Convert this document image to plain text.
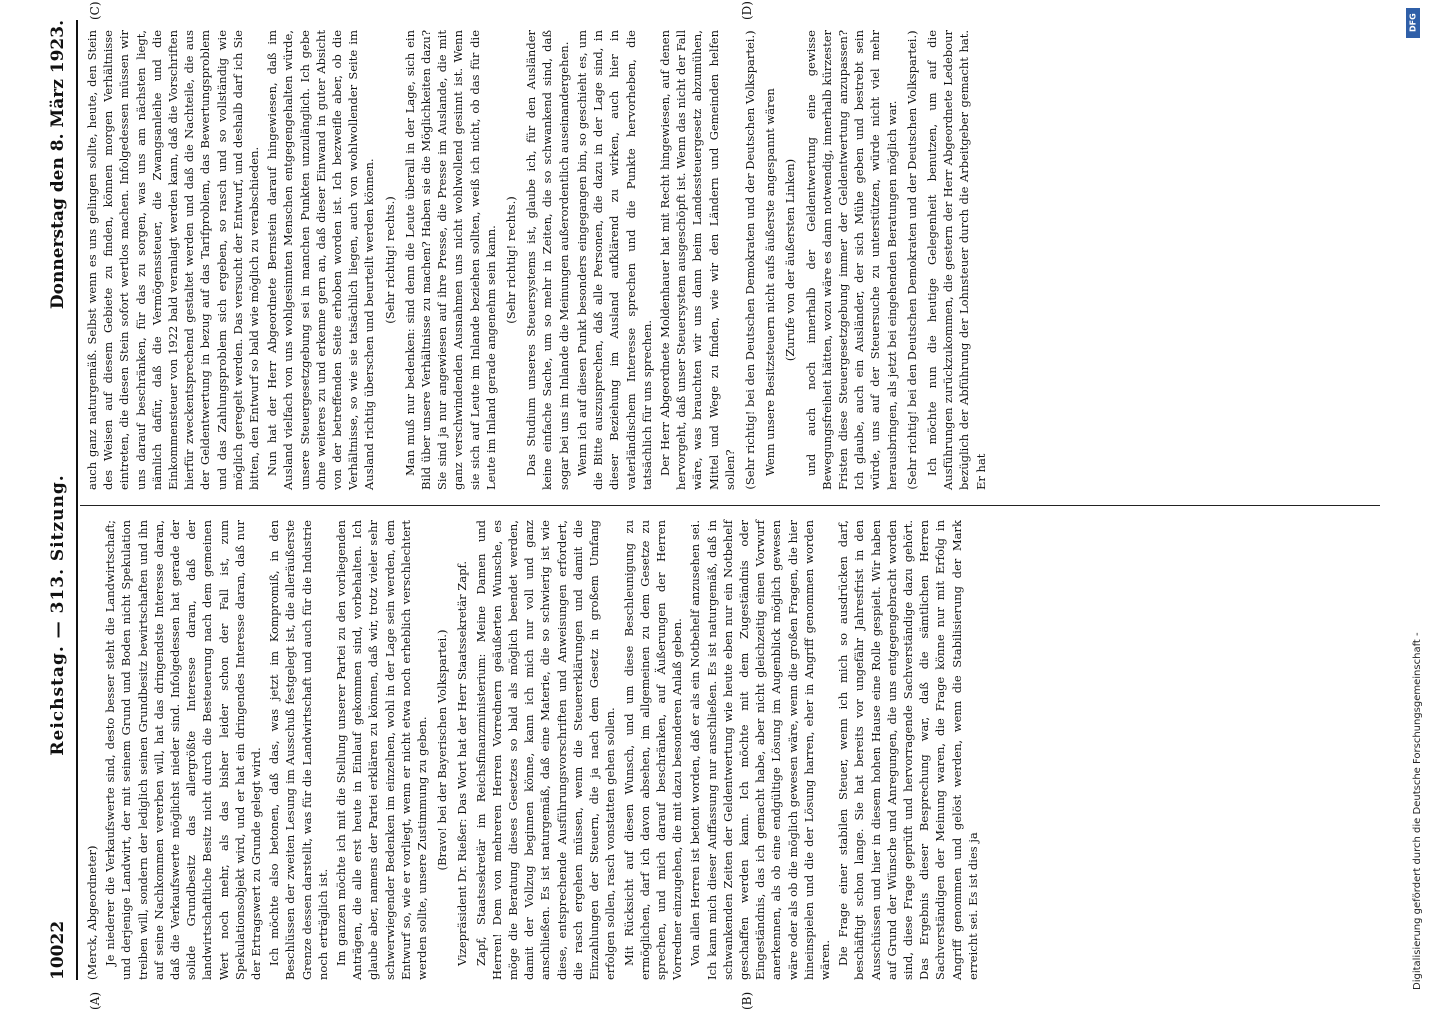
10022
Reichstag. — 313. Sitzung.
Donnerstag den 8. März 1923.

(Merck, Abgeordneter) Je niederer die Verkaufswerte sind, desto besser steht die Landwirtschaft; und derjenige Landwirt, der mit seinem Grund und Boden nicht Spekulation treiben will, sondern der lediglich seinen Grundbesitz bewirtschaften und ihn auf seine Nachkommen vererben will, hat das dringendste Interesse daran, daß die Verkaufswerte möglichst nieder sind. Infolgedessen hat gerade der solide Grundbesitz das allergrößte Interesse daran, daß der landwirtschaftliche Besitz nicht durch die Besteuerung nach dem gemeinen Wert noch mehr, als das bisher leider schon der Fall ist, zum Spekulationsobjekt wird, und er hat ein dringendes Interesse daran, daß nur der Ertragswert zu Grunde gelegt wird. Ich möchte also betonen, daß das, was jetzt im Kompromiß, in den Beschlüssen der zweiten Lesung im Ausschuß festgelegt ist, die alleräußerste Grenze dessen darstellt, was für die Landwirtschaft und auch für die Industrie noch erträglich ist. Im ganzen möchte ich mit die Stellung unserer Partei zu den vorliegenden Anträgen, die alle erst heute in Einlauf gekommen sind, vorbehalten. Ich glaube aber, namens der Partei erklären zu können, daß wir, trotz vieler sehr schwerwiegender Bedenken im einzelnen, wohl in der Lage sein werden, dem Entwurf so, wie er vorliegt, wenn er nicht etwa noch erheblich verschlechtert werden sollte, unsere Zustimmung zu geben. (Bravo! bei der Bayerischen Volkspartei.) Vizepräsident Dr. Rießer: Das Wort hat der Herr Staatssekretär Zapf. Zapf, Staatssekretär im Reichsfinanzministerium: Meine Damen und Herren! Dem von mehreren Herren Vorrednern geäußerten Wunsche, es möge die Beratung dieses Gesetzes so bald als möglich beendet werden, damit der Vollzug beginnen könne, kann ich mich nur voll und ganz anschließen. Es ist naturgemäß, daß eine Materie, die so schwierig ist wie diese, entsprechende Ausführungsvorschriften und Anweisungen erfordert, die rasch ergehen müssen, wenn die Steuererklärungen und damit die Einzahlungen der Steuern, die ja nach dem Gesetz in großem Umfang erfolgen sollen, rasch vonstatten gehen sollen. Mit Rücksicht auf diesen Wunsch, und um diese Beschleunigung zu ermöglichen, darf ich davon absehen, im allgemeinen zu dem Gesetze zu sprechen, und mich darauf beschränken, auf Äußerungen der Herren Vorredner einzugehen, die mit dazu besonderen Anlaß geben. Von allen Herren ist betont worden, daß er als ein Notbehelf anzusehen sei. Ich kann mich dieser Auffassung nur anschließen. Es ist naturgemäß, daß in schwankenden Zeiten der Geldentwertung wie heute eben nur ein Notbehelf geschaffen werden kann. Ich möchte mit dem Zugeständnis oder Eingeständnis, das ich gemacht habe, aber nicht gleichzeitig einen Vorwurf anerkennen, als ob eine endgültige Lösung im Augenblick möglich gewesen wäre oder als ob die möglich gewesen wäre, wenn die großen Fragen, die hier hineinspielen und die der Lösung harren, eher in Angriff genommen worden wären. Die Frage einer stabilen Steuer, wenn ich mich so ausdrücken darf, beschäftigt schon lange. Sie hat bereits vor ungefähr Jahresfrist in den Ausschüssen und hier in diesem hohen Hause eine Rolle gespielt. Wir haben auf Grund der Wünsche und Anregungen, die uns entgegengebracht worden sind, diese Frage geprüft und hervorragende Sachverständige dazu gehört. Das Ergebnis dieser Besprechung war, daß die sämtlichen Herren Sachverständigen der Meinung waren, die Frage könne nur mit Erfolg in Angriff genommen und gelöst werden, wenn die Stabilisierung der Mark erreicht sei. Es ist dies ja

auch ganz naturgemäß. Selbst wenn es uns gelingen sollte, heute, den Stein des Weisen auf diesem Gebiete zu finden, können morgen Verhältnisse eintreten, die diesen Stein sofort wertlos machen. Infolgedessen müssen wir uns darauf beschränken, für das zu sorgen, was uns am nächsten liegt, nämlich dafür, daß die Vermögenssteuer, die Zwangsanleihe und die Einkommensteuer von 1922 bald veranlagt werden kann, daß die Vorschriften hierfür zweckentsprechend gestaltet werden und daß die Nachteile, die aus der Geldentwertung in bezug auf das Tarifproblem, das Bewertungsproblem und das Zahlungsproblem sich ergeben, so rasch und so vollständig wie möglich geregelt werden. Das versucht der Entwurf, und deshalb darf ich Sie bitten, den Entwurf so bald wie möglich zu verabschieden. Nun hat der Herr Abgeordnete Bernstein darauf hingewiesen, daß im Ausland vielfach von uns wohlgesinnten Menschen entgegengehalten würde, unsere Steuergesetzgebung sei in manchen Punkten unzulänglich. Ich gebe ohne weiteres zu und erkenne gern an, daß dieser Einwand in guter Absicht von der betreffenden Seite erhoben worden ist. Ich bezweifle aber, ob die Verhältnisse, so wie sie tatsächlich liegen, auch von wohlwollender Seite im Ausland richtig überschen und beurteilt werden können. (Sehr richtig! rechts.) Man muß nur bedenken: sind denn die Leute überall in der Lage, sich ein Bild über unsere Verhältnisse zu machen? Haben sie die Möglichkeiten dazu? Sie sind ja nur angewiesen auf ihre Presse, die Presse im Auslande, die mit ganz verschwindenden Ausnahmen uns nicht wohlwollend gesinnt ist. Wenn sie sich auf Leute im Inlande beziehen sollten, weiß ich nicht, ob das für die Leute im Inland gerade angenehm sein kann. (Sehr richtig! rechts.) Das Studium unseres Steuersystems ist, glaube ich, für den Ausländer keine einfache Sache, um so mehr in Zeiten, die so schwankend sind, daß sogar bei uns im Inlande die Meinungen außerordentlich auseinandergehen. Wenn ich auf diesen Punkt besonders eingegangen bin, so geschieht es, um die Bitte auszusprechen, daß alle Personen, die dazu in der Lage sind, in dieser Beziehung im Ausland aufklärend zu wirken, auch hier in vaterländischem Interesse sprechen und die Punkte hervorheben, die tatsächlich für uns sprechen. Der Herr Abgeordnete Moldenhauer hat mit Recht hingewiesen, auf denen hervorgeht, daß unser Steuersystem ausgeschöpft ist. Wenn das nicht der Fall wäre, was brauchten wir uns dann beim Landessteuergesetz abzumühen, Mittel und Wege zu finden, wie wir den Ländern und Gemeinden helfen sollen? (Sehr richtig! bei den Deutschen Demokraten und der Deutschen Volkspartei.) Wenn unsere Besitzsteuern nicht aufs äußerste angespannt wären (Zurufe von der äußersten Linken) und auch noch innerhalb der Geldentwertung eine gewisse Bewegungsfreiheit hätten, wozu wäre es dann notwendig, innerhalb kürzester Fristen diese Steuergesetzgebung immer der Geldentwertung anzupassen? Ich glaube, auch ein Ausländer, der sich Mühe geben und bestrebt sein würde, uns auf der Steuersuche zu unterstützen, würde nicht viel mehr herausbringen, als jetzt bei eingehenden Beratungen möglich war. (Sehr richtig! bei den Deutschen Demokraten und der Deutschen Volkspartei.) Ich möchte nun die heutige Gelegenheit benutzen, um auf die Ausführungen zurückzukommen, die gestern der Herr Abgeordnete Ledebour bezüglich der Abführung der Lohnsteuer durch die Arbeitgeber gemacht hat. Er hat

(A)	(B)
(C)	(D)
DFG
Digitalisierung gefördert durch die Deutsche Forschungsgemeinschaft -
